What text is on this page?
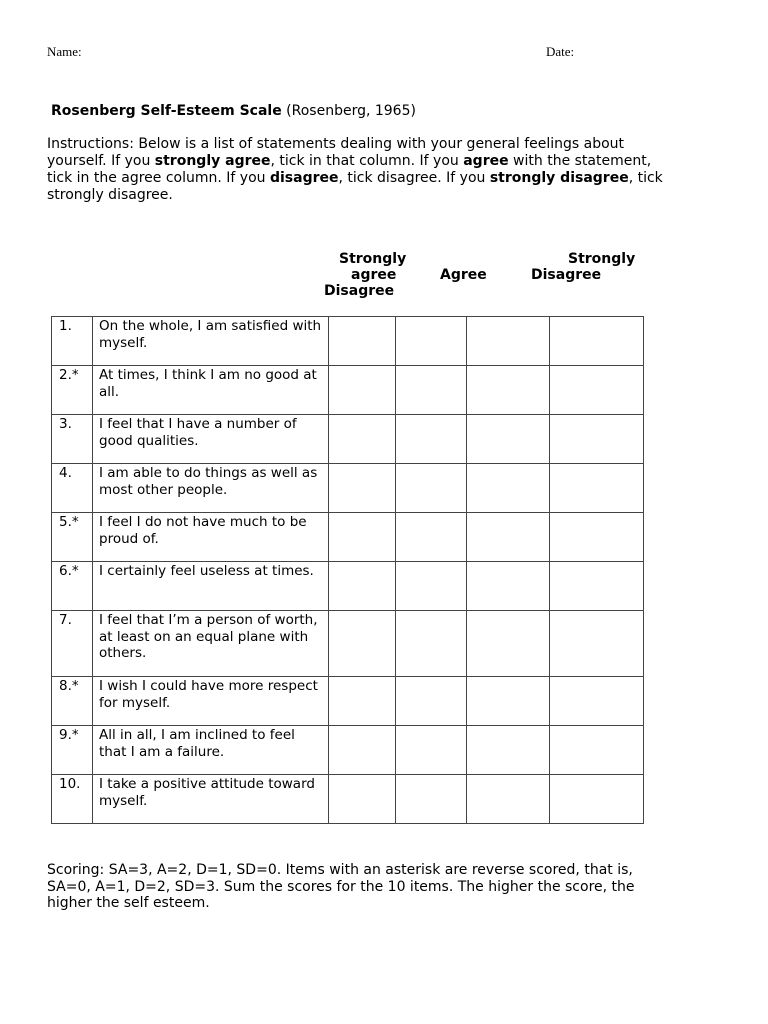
Name:	Date:
Rosenberg Self-Esteem Scale (Rosenberg, 1965)
Instructions: Below is a list of statements dealing with your general feelings about yourself. If you strongly agree, tick in that column. If you agree with the statement, tick in the agree column. If you disagree, tick disagree. If you strongly disagree, tick strongly disagree.
Strongly
agree	Agree
Strongly
Disagree
Disagree
1.	On the whole, I am satisfied with myself.				
2.*	At times, I think I am no good at all.				
3.	I feel that I have a number of good qualities.				
4.	I am able to do things as well as most other people.				
5.*	I feel I do not have much to be proud of.				
6.*	I certainly feel useless at times.				
7.	I feel that I’m a person of worth, at least on an equal plane with others.				
8.*	I wish I could have more respect for myself.				
9.*	All in all, I am inclined to feel that I am a failure.				
10.	I take a positive attitude toward myself.				
Scoring: SA=3, A=2, D=1, SD=0. Items with an asterisk are reverse scored, that is, SA=0, A=1, D=2, SD=3. Sum the scores for the 10 items. The higher the score, the higher the self esteem.
